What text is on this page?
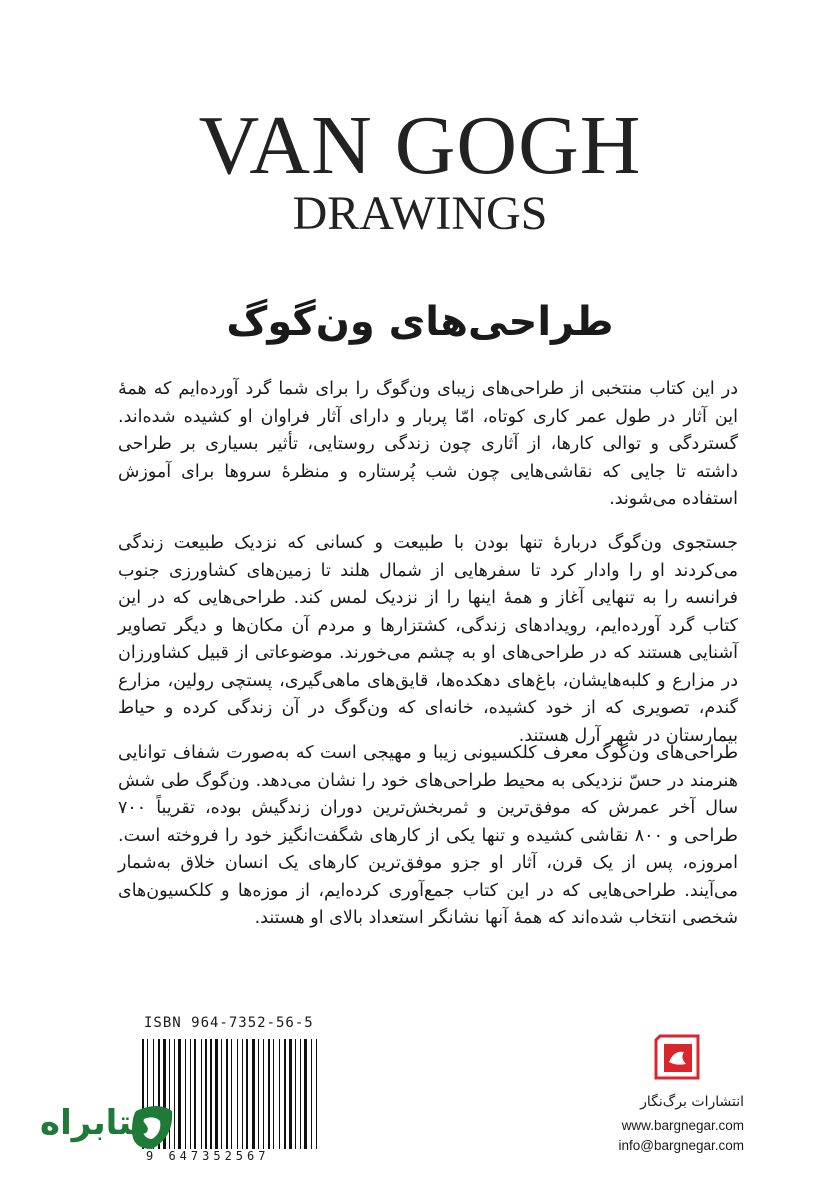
VAN GOGH
DRAWINGS
طراحی‌های ون‌گوگ

در این کتاب منتخبی از طراحی‌های زیبای ون‌گوگ را برای شما گرد آورده‌ایم که همهٔ این آثار در طول عمر کاری کوتاه، امّا پربار و دارای آثار فراوان او کشیده شده‌اند. گستردگی و توالی کارها، از آثاری چون زندگی روستایی، تأثیر بسیاری بر طراحی داشته تا جایی که نقاشی‌هایی چون شب پُرستاره و منظرهٔ سروها برای آموزش استفاده می‌شوند.

جستجوی ون‌گوگ دربارهٔ تنها بودن با طبیعت و کسانی که نزدیک طبیعت زندگی می‌کردند او را وادار کرد تا سفرهایی از شمال هلند تا زمین‌های کشاورزی جنوب فرانسه را به تنهایی آغاز و همهٔ اینها را از نزدیک لمس کند. طراحی‌هایی که در این کتاب گرد آورده‌ایم، رویدادهای زندگی، کشتزارها و مردم آن مکان‌ها و دیگر تصاویر آشنایی هستند که در طراحی‌های او به چشم می‌خورند. موضوعاتی از قبیل کشاورزان در مزارع و کلبه‌هایشان، باغ‌های دهکده‌ها، قایق‌های ماهی‌گیری، پستچی رولین، مزارع گندم، تصویری که از خود کشیده، خانه‌ای که ون‌گوگ در آن زندگی کرده و حیاط بیمارستان در شهر آرل هستند.

طراحی‌های ون‌گوگ معرف کلکسیونی زیبا و مهیجی است که به‌صورت شفاف توانایی هنرمند در حسّ نزدیکی به محیط طراحی‌های خود را نشان می‌دهد. ون‌گوگ طی شش سال آخر عمرش که موفق‌ترین و ثمربخش‌ترین دوران زندگیش بوده، تقریباً ۷۰۰ طراحی و ۸۰۰ نقاشی کشیده و تنها یکی از کارهای شگفت‌انگیز خود را فروخته است. امروزه، پس از یک قرن، آثار او جزو موفق‌ترین کارهای یک انسان خلاق به‌شمار می‌آیند. طراحی‌هایی که در این کتاب جمع‌آوری کرده‌ایم، از موزه‌ها و کلکسیون‌های شخصی انتخاب شده‌اند که همهٔ آنها نشانگر استعداد بالای او هستند.

ISBN 964-7352-56-5
9 647352567
کتابراه
انتشارات برگ‌نگار
www.bargnegar.com
info@bargnegar.com
